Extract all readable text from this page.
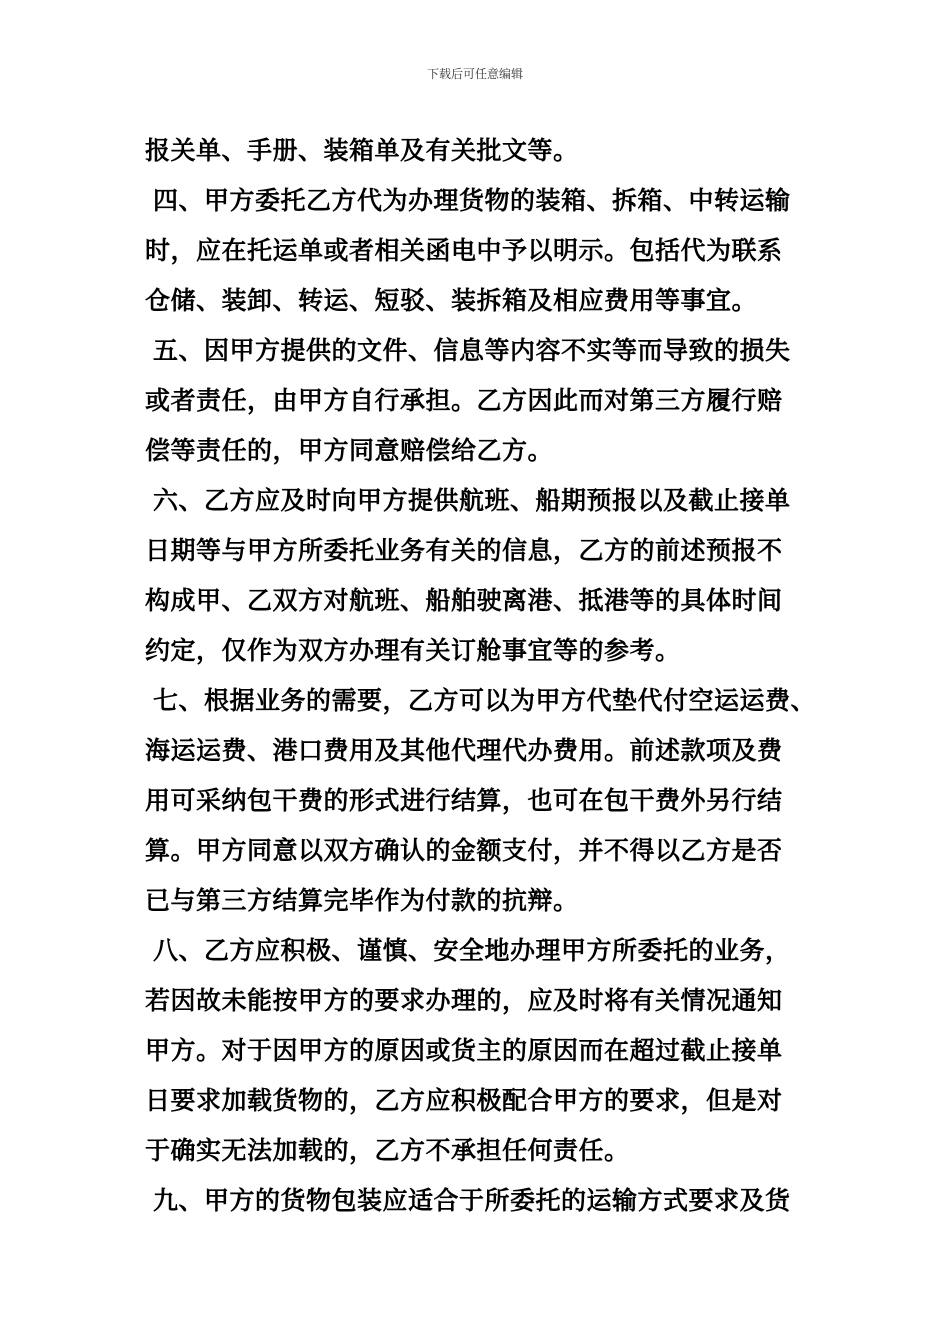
下载后可任意编辑
报关单、手册、装箱单及有关批文等。
四、甲方委托乙方代为办理货物的装箱、拆箱、中转运输
时，应在托运单或者相关函电中予以明示。包括代为联系
仓储、装卸、转运、短驳、装拆箱及相应费用等事宜。
五、因甲方提供的文件、信息等内容不实等而导致的损失
或者责任，由甲方自行承担。乙方因此而对第三方履行赔
偿等责任的，甲方同意赔偿给乙方。
六、乙方应及时向甲方提供航班、船期预报以及截止接单
日期等与甲方所委托业务有关的信息，乙方的前述预报不
构成甲、乙双方对航班、船舶驶离港、抵港等的具体时间
约定，仅作为双方办理有关订舱事宜等的参考。
七、根据业务的需要，乙方可以为甲方代垫代付空运运费、
海运运费、港口费用及其他代理代办费用。前述款项及费
用可采纳包干费的形式进行结算，也可在包干费外另行结
算。甲方同意以双方确认的金额支付，并不得以乙方是否
已与第三方结算完毕作为付款的抗辩。
八、乙方应积极、谨慎、安全地办理甲方所委托的业务，
若因故未能按甲方的要求办理的，应及时将有关情况通知
甲方。对于因甲方的原因或货主的原因而在超过截止接单
日要求加载货物的，乙方应积极配合甲方的要求，但是对
于确实无法加载的，乙方不承担任何责任。
九、甲方的货物包装应适合于所委托的运输方式要求及货
